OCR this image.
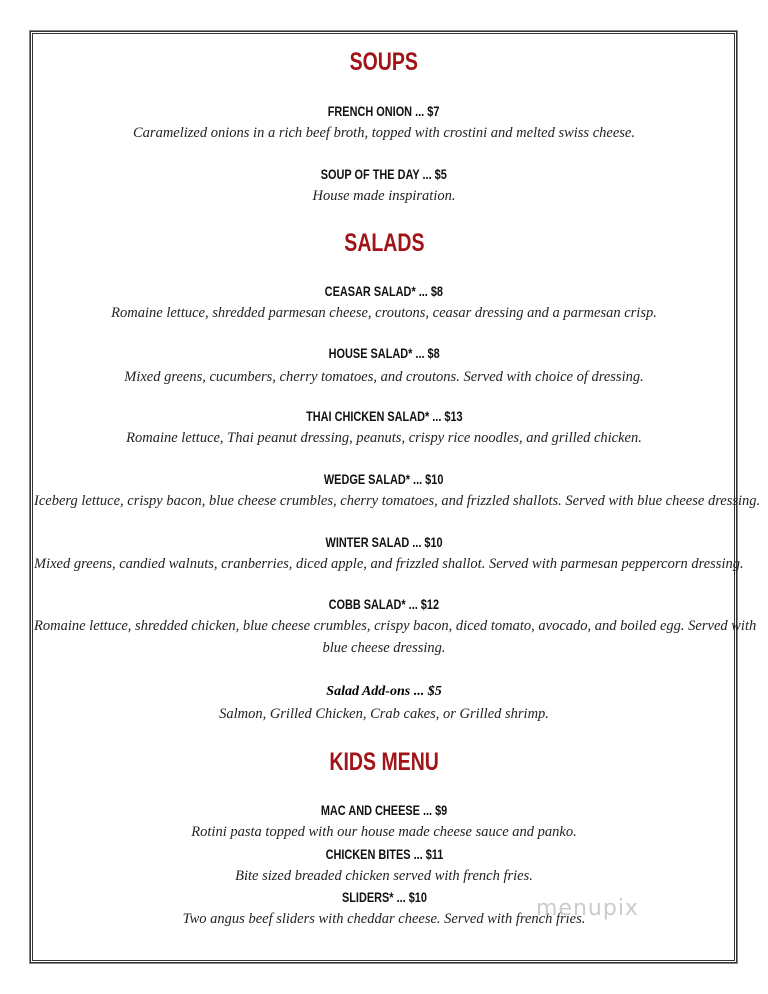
SOUPS
FRENCH ONION ... $7
Caramelized onions in a rich beef broth, topped with crostini and melted swiss cheese.
SOUP OF THE DAY ... $5
House made inspiration.
SALADS
CEASAR SALAD* ... $8
Romaine lettuce, shredded parmesan cheese, croutons, ceasar dressing and a parmesan crisp.
HOUSE SALAD* ... $8
Mixed greens, cucumbers, cherry tomatoes, and croutons. Served with choice of dressing.
THAI CHICKEN SALAD* ... $13
Romaine lettuce, Thai peanut dressing, peanuts, crispy rice noodles, and grilled chicken.
WEDGE SALAD* ... $10
Iceberg lettuce, crispy bacon, blue cheese crumbles, cherry tomatoes, and frizzled shallots. Served with blue cheese dressing.
WINTER SALAD ... $10
Mixed greens, candied walnuts, cranberries, diced apple, and frizzled shallot. Served with parmesan peppercorn dressing.
COBB SALAD* ... $12
Romaine lettuce, shredded chicken, blue cheese crumbles, crispy bacon, diced tomato, avocado, and boiled egg. Served with
blue cheese dressing.
Salad Add-ons ... $5
Salmon, Grilled Chicken, Crab cakes, or Grilled shrimp.
KIDS MENU
MAC AND CHEESE ... $9
Rotini pasta topped with our house made cheese sauce and panko.
CHICKEN BITES ... $11
Bite sized breaded chicken served with french fries.
SLIDERS* ... $10
Two angus beef sliders with cheddar cheese. Served with french fries.
menupix
